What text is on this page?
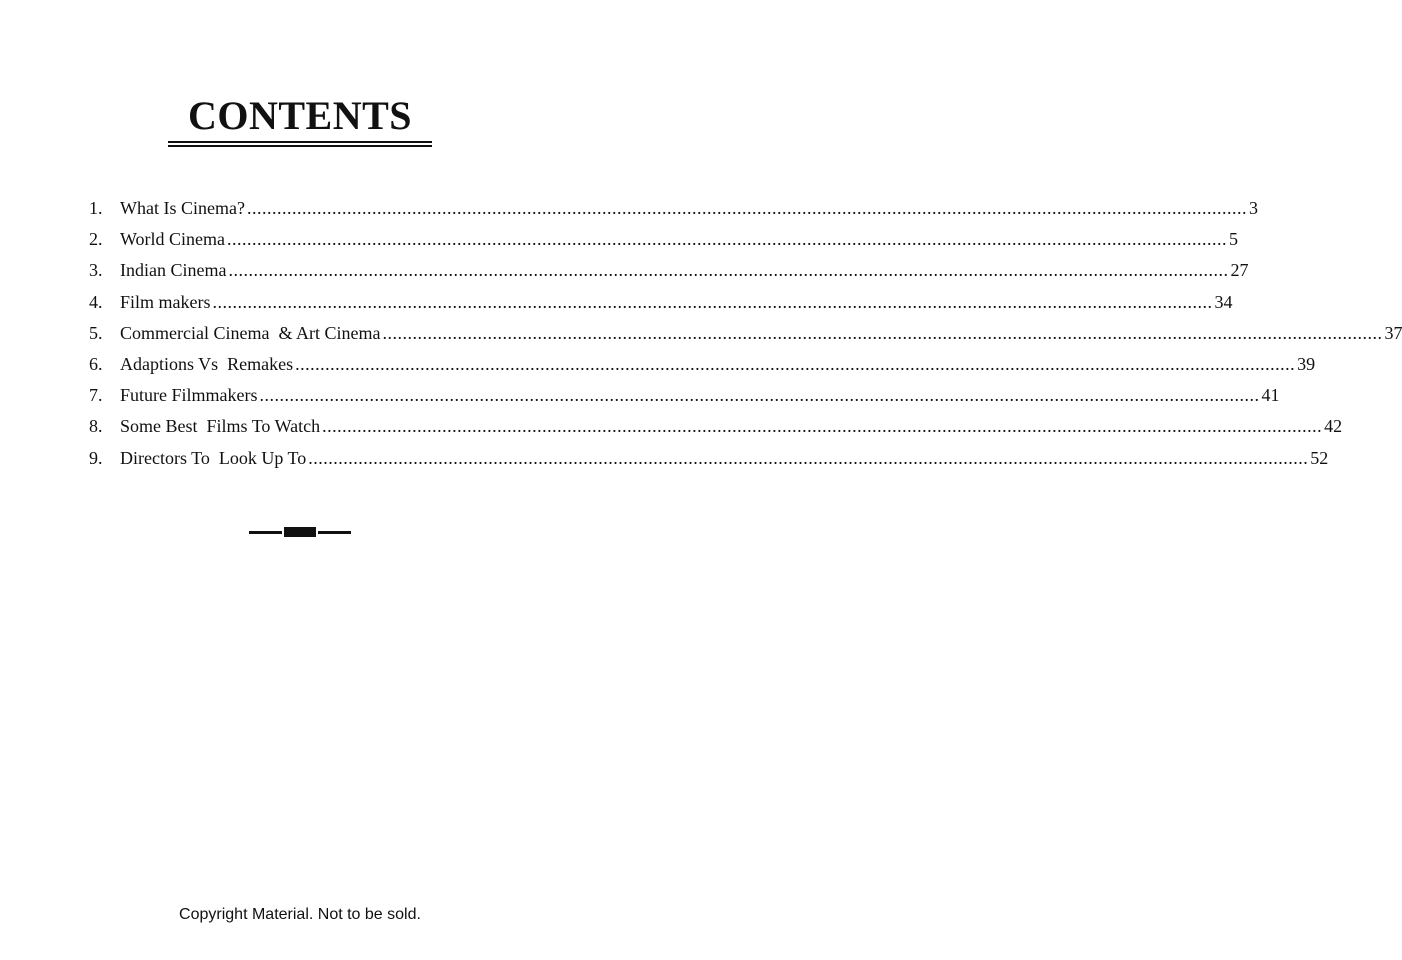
CONTENTS
1. What Is Cinema? ........................................................................................................................................................................................................ 3
2. World Cinema ........................................................................................................................................................................................................ 5
3. Indian Cinema ........................................................................................................................................................................................................ 27
4. Film makers ........................................................................................................................................................................................................ 34
5. Commercial Cinema  & Art Cinema ........................................................................................................................................................................................................ 37
6. Adaptions Vs  Remakes ........................................................................................................................................................................................................ 39
7. Future Filmmakers ........................................................................................................................................................................................................ 41
8. Some Best  Films To Watch ........................................................................................................................................................................................................ 42
9. Directors To  Look Up To ........................................................................................................................................................................................................ 52
Copyright Material. Not to be sold.
